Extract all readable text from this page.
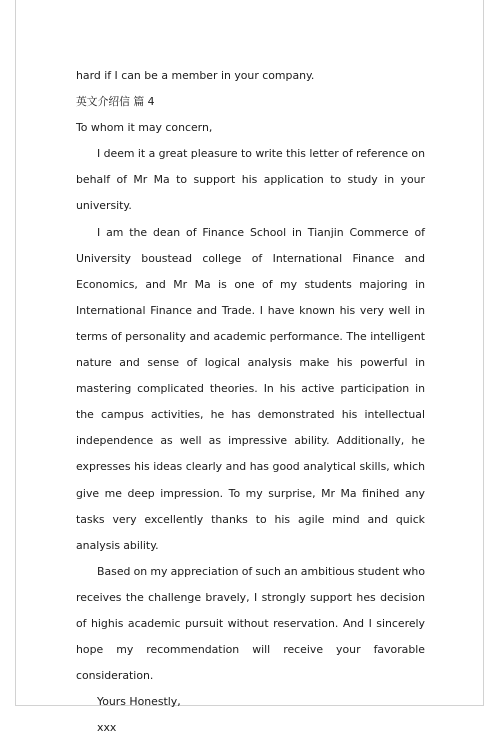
hard if I can be a member in your company.
英文介绍信 篇 4
To whom it may concern,
I deem it a great pleasure to write this letter of reference on behalf of Mr Ma to support his application to study in your university.
I am the dean of Finance School in Tianjin Commerce of University boustead college of International Finance and Economics, and Mr Ma is one of my students majoring in International Finance and Trade. I have known his very well in terms of personality and academic performance. The intelligent nature and sense of logical analysis make his powerful in mastering complicated theories. In his active participation in the campus activities, he has demonstrated his intellectual independence as well as impressive ability. Additionally, he expresses his ideas clearly and has good analytical skills, which give me deep impression. To my surprise, Mr Ma finihed any tasks very excellently thanks to his agile mind and quick analysis ability.
Based on my appreciation of such an ambitious student who receives the challenge bravely, I strongly support hes decision of highis academic pursuit without reservation. And I sincerely hope my recommendation will receive your favorable consideration.
Yours Honestly,
xxx
